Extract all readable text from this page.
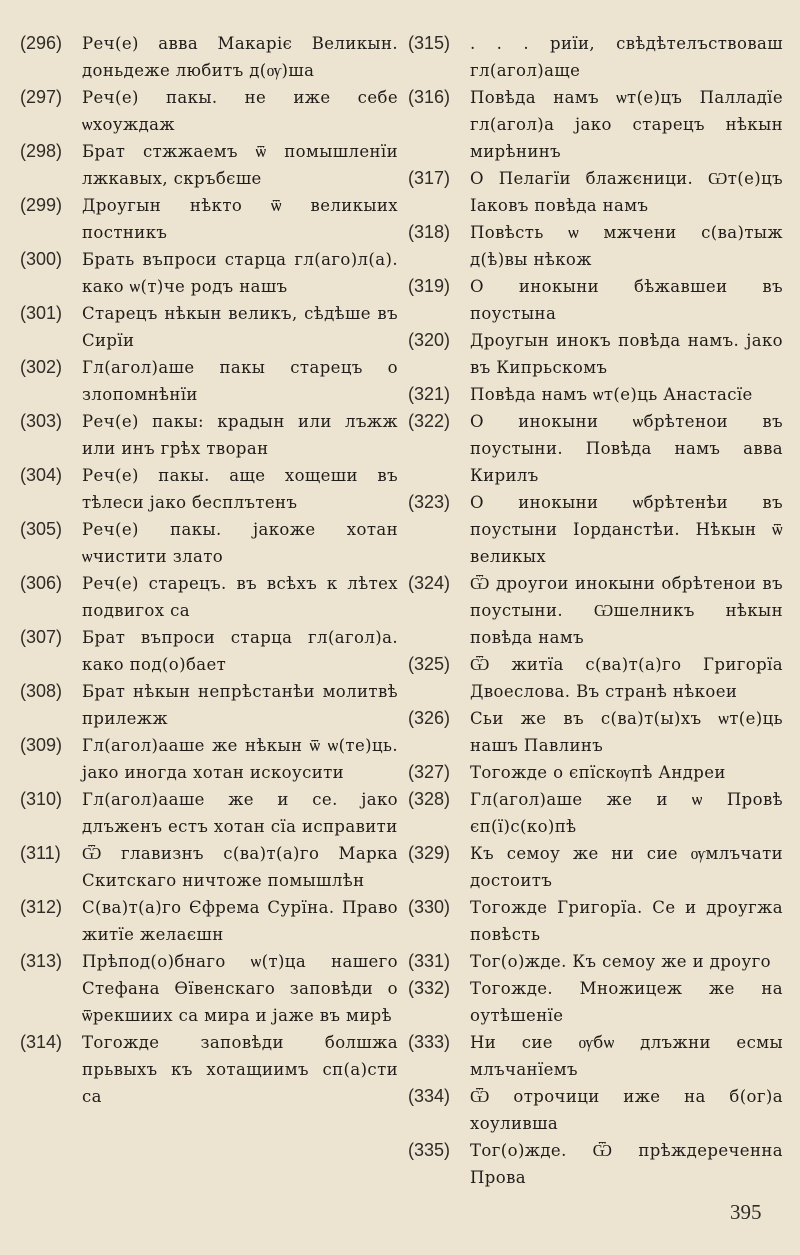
(296)	Реч(е) авва Макаріє Великын. доньдеже любитъ д(ѹ)ша
(297)	Реч(е) пакы. не иже себе ѡхоуждаж
(298)	Брат стжжаемъ ѿ помышленїи лжкавых, скръбєше
(299)	Дроугын нѣкто ѿ великыих постникъ
(300)	Брать въпроси старца гл(аго)л(а). како ѡ(т)че родъ нашъ
(301)	Старецъ нѣкын великъ, сѣдѣше въ Сирїи
(302)	Гл(агол)аше пакы старецъ о злопомнѣнїи
(303)	Реч(е) пакы: крадын или лъжж или инъ грѣх творан
(304)	Реч(е) пакы. аще хощеши въ тѣлеси јако бесплътенъ
(305)	Реч(е) пакы. јакоже хотан ѡчистити злато
(306)	Реч(е) старецъ. въ всѣхъ к лѣтех подвигох са
(307)	Брат въпроси старца гл(агол)а. како под(о)бает
(308)	Брат нѣкын непрѣстанѣи молитвѣ прилежж
(309)	Гл(агол)ааше же нѣкын ѿ ѡ(те)ць. јако иногда хотан искоусити
(310)	Гл(агол)ааше же и се. јако длъженъ естъ хотан сїа исправити
(311)	Ѿ главизнъ с(ва)т(а)го Марка Скитскаго ничтоже помышлѣн
(312)	С(ва)т(а)го Єфрема Сурїна. Право житїе желаєшн
(313)	Прѣпод(о)бнаго ѡ(т)ца нашего Стефана Ѳївенскаго заповѣди о ѿрекшиих са мира и јаже въ мирѣ
(314)	Тогожде заповѣди болшжа прьвыхъ къ хотащиимъ сп(а)сти са
(315)	. . . риїи, свѣдѣтелъствоваш гл(агол)аще
(316)	Повѣда намъ ѡт(е)цъ Палладїе гл(агол)а јако старецъ нѣкын мирѣнинъ
(317)	О Пелагїи блажєници. Ѡт(е)цъ Іаковъ повѣда намъ
(318)	Повѣсть ѡ мжчени с(ва)тыж д(ѣ)вы нѣкож
(319)	О инокыни бѣжавшеи въ поустына
(320)	Дроугын инокъ повѣда намъ. јако въ Кипрьскомъ
(321)	Повѣда намъ ѡт(е)ць Анастасїе
(322)	О инокыни ѡбрѣтенои въ поустыни. Повѣда намъ авва Кирилъ
(323)	О инокыни ѡбрѣтенѣи въ поустыни Іорданстѣи. Нѣкын ѿ великых
(324)	Ѿ дроугои инокыни обрѣтенои въ поустыни. Ѡшелникъ нѣкын повѣда намъ
(325)	Ѿ житїа с(ва)т(а)го Григорїа Двоеслова. Въ странѣ нѣкоеи
(326)	Сьи же въ с(ва)т(ы)хъ ѡт(е)ць нашъ Павлинъ
(327)	Тогожде о єпїскѹпѣ Андреи
(328)	Гл(агол)аше же и ѡ Провѣ єп(ї)с(ко)пѣ
(329)	Къ семоу же ни сие ѹмлъчати достоитъ
(330)	Тогожде Григорїа. Се и дроугжа повѣсть
(331)	Тог(о)жде. Къ семоу же и дроуго
(332)	Тогожде. Множицеж же на оутѣшенїе
(333)	Ни сие ѹбѡ длъжни есмы млъчанїемъ
(334)	Ѿ отрочици иже на б(ог)а хоуливша
(335)	Тог(о)жде. Ѿ прѣждереченна Прова
395
